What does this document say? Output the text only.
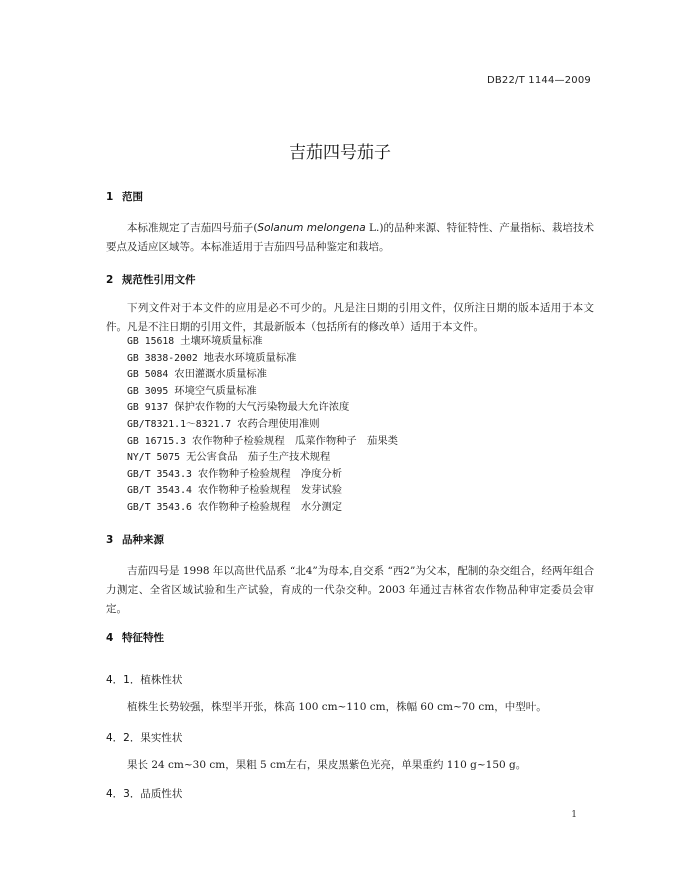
DB22/T 1144—2009
吉茄四号茄子
1 范围
本标准规定了吉茄四号茄子(Solanum melongena L.)的品种来源、特征特性、产量指标、栽培技术要点及适应区域等。本标准适用于吉茄四号品种鉴定和栽培。
2 规范性引用文件
下列文件对于本文件的应用是必不可少的。凡是注日期的引用文件，仅所注日期的版本适用于本文件。凡是不注日期的引用文件，其最新版本（包括所有的修改单）适用于本文件。
GB 15618 土壤环境质量标准
GB 3838-2002 地表水环境质量标准
GB 5084 农田灌溉水质量标准
GB 3095 环境空气质量标准
GB 9137 保护农作物的大气污染物最大允许浓度
GB/T8321.1～8321.7 农药合理使用准则
GB 16715.3 农作物种子检验规程　瓜菜作物种子　茄果类
NY/T 5075 无公害食品　茄子生产技术规程
GB/T 3543.3 农作物种子检验规程　净度分析
GB/T 3543.4 农作物种子检验规程　发芽试验
GB/T 3543.6 农作物种子检验规程　水分测定
3 品种来源
吉茄四号是 1998 年以高世代品系 “北4”为母本,自交系 “西2”为父本，配制的杂交组合，经两年组合力测定、全省区域试验和生产试验，育成的一代杂交种。2003 年通过吉林省农作物品种审定委员会审定。
4 特征特性
4．1．植株性状
植株生长势较强，株型半开张，株高 100 cm~110 cm，株幅 60 cm~70 cm，中型叶。
4．2．果实性状
果长 24 cm~30 cm，果粗 5 cm左右，果皮黑紫色光亮，单果重约 110 g~150 g。
4．3．品质性状
1
